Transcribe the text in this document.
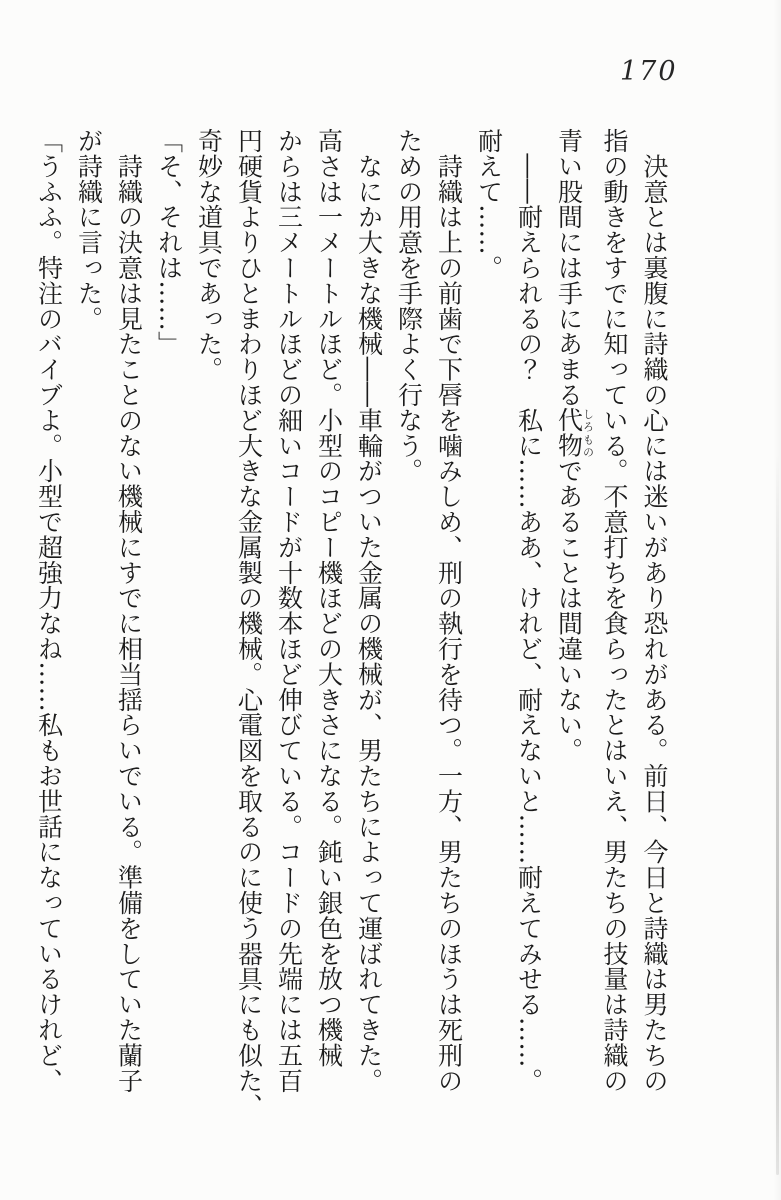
170

　決意とは裏腹に詩織の心には迷いがあり恐れがある。前日、今日と詩織は男たちの

指の動きをすでに知っている。不意打ちを食らったとはいえ、男たちの技量は詩織の

青い股間には手にあまる代物しろものであることは間違いない。

　――耐えられるの？　私に……ああ、けれど、耐えないと……耐えてみせる……。

耐えて……。

　詩織は上の前歯で下唇を噛みしめ、刑の執行を待つ。一方、男たちのほうは死刑の

ための用意を手際よく行なう。

　なにか大きな機械――車輪がついた金属の機械が、男たちによって運ばれてきた。

高さは一メートルほど。小型のコピー機ほどの大きさになる。鈍い銀色を放つ機械

からは三メートルほどの細いコードが十数本ほど伸びている。コードの先端には五百

円硬貨よりひとまわりほど大きな金属製の機械。心電図を取るのに使う器具にも似た、

奇妙な道具であった。

「そ、それは……」

　詩織の決意は見たことのない機械にすでに相当揺らいでいる。準備をしていた蘭子

が詩織に言った。

「うふふ。特注のバイブよ。小型で超強力なね……私もお世話になっているけれど、
